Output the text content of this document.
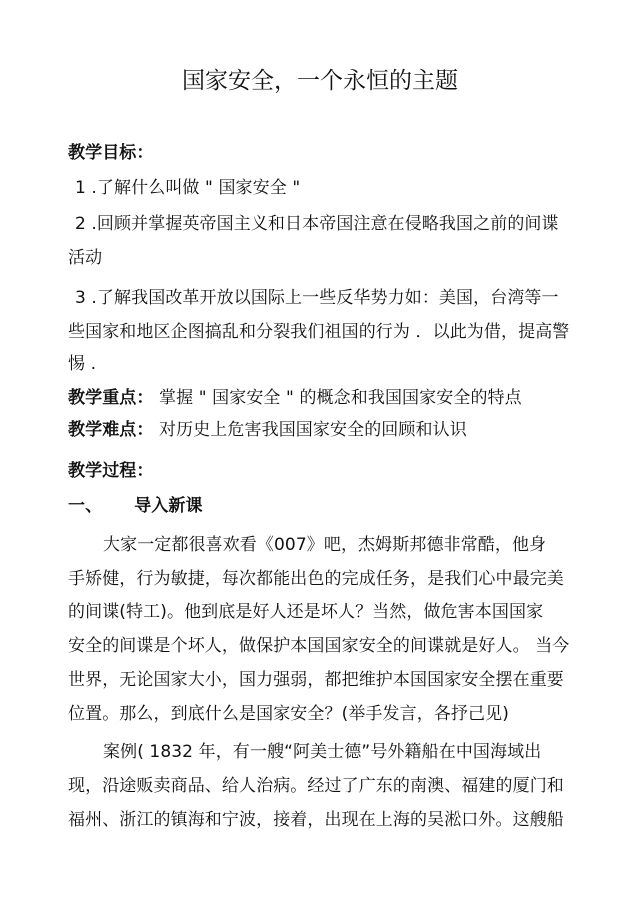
国家安全，一个永恒的主题
教学目标：
1 .了解什么叫做 " 国家安全 "
2 .回顾并掌握英帝国主义和日本帝国注意在侵略我国之前的间谍
活动
3 .了解我国改革开放以国际上一些反华势力如：美国，台湾等一
些国家和地区企图搞乱和分裂我们祖国的行为 ．以此为借，提高警
惕 .
教学重点： 掌握 " 国家安全 " 的概念和我国国家安全的特点
教学难点： 对历史上危害我国国家安全的回顾和认识
教学过程：
一、 导入新课
大家一定都很喜欢看《007》吧，杰姆斯邦德非常酷，他身
手矫健，行为敏捷，每次都能出色的完成任务，是我们心中最完美
的间谍(特工)。他到底是好人还是坏人？当然，做危害本国国家
安全的间谍是个坏人，做保护本国国家安全的间谍就是好人。 当今
世界，无论国家大小，国力强弱，都把维护本国国家安全摆在重要
位置。那么，到底什么是国家安全？(举手发言，各抒己见)
案例( 1832 年，有一艘“阿美士德”号外籍船在中国海域出
现，沿途贩卖商品、给人治病。经过了广东的南澳、福建的厦门和
福州、浙江的镇海和宁波，接着，出现在上海的吴淞口外。这艘船
